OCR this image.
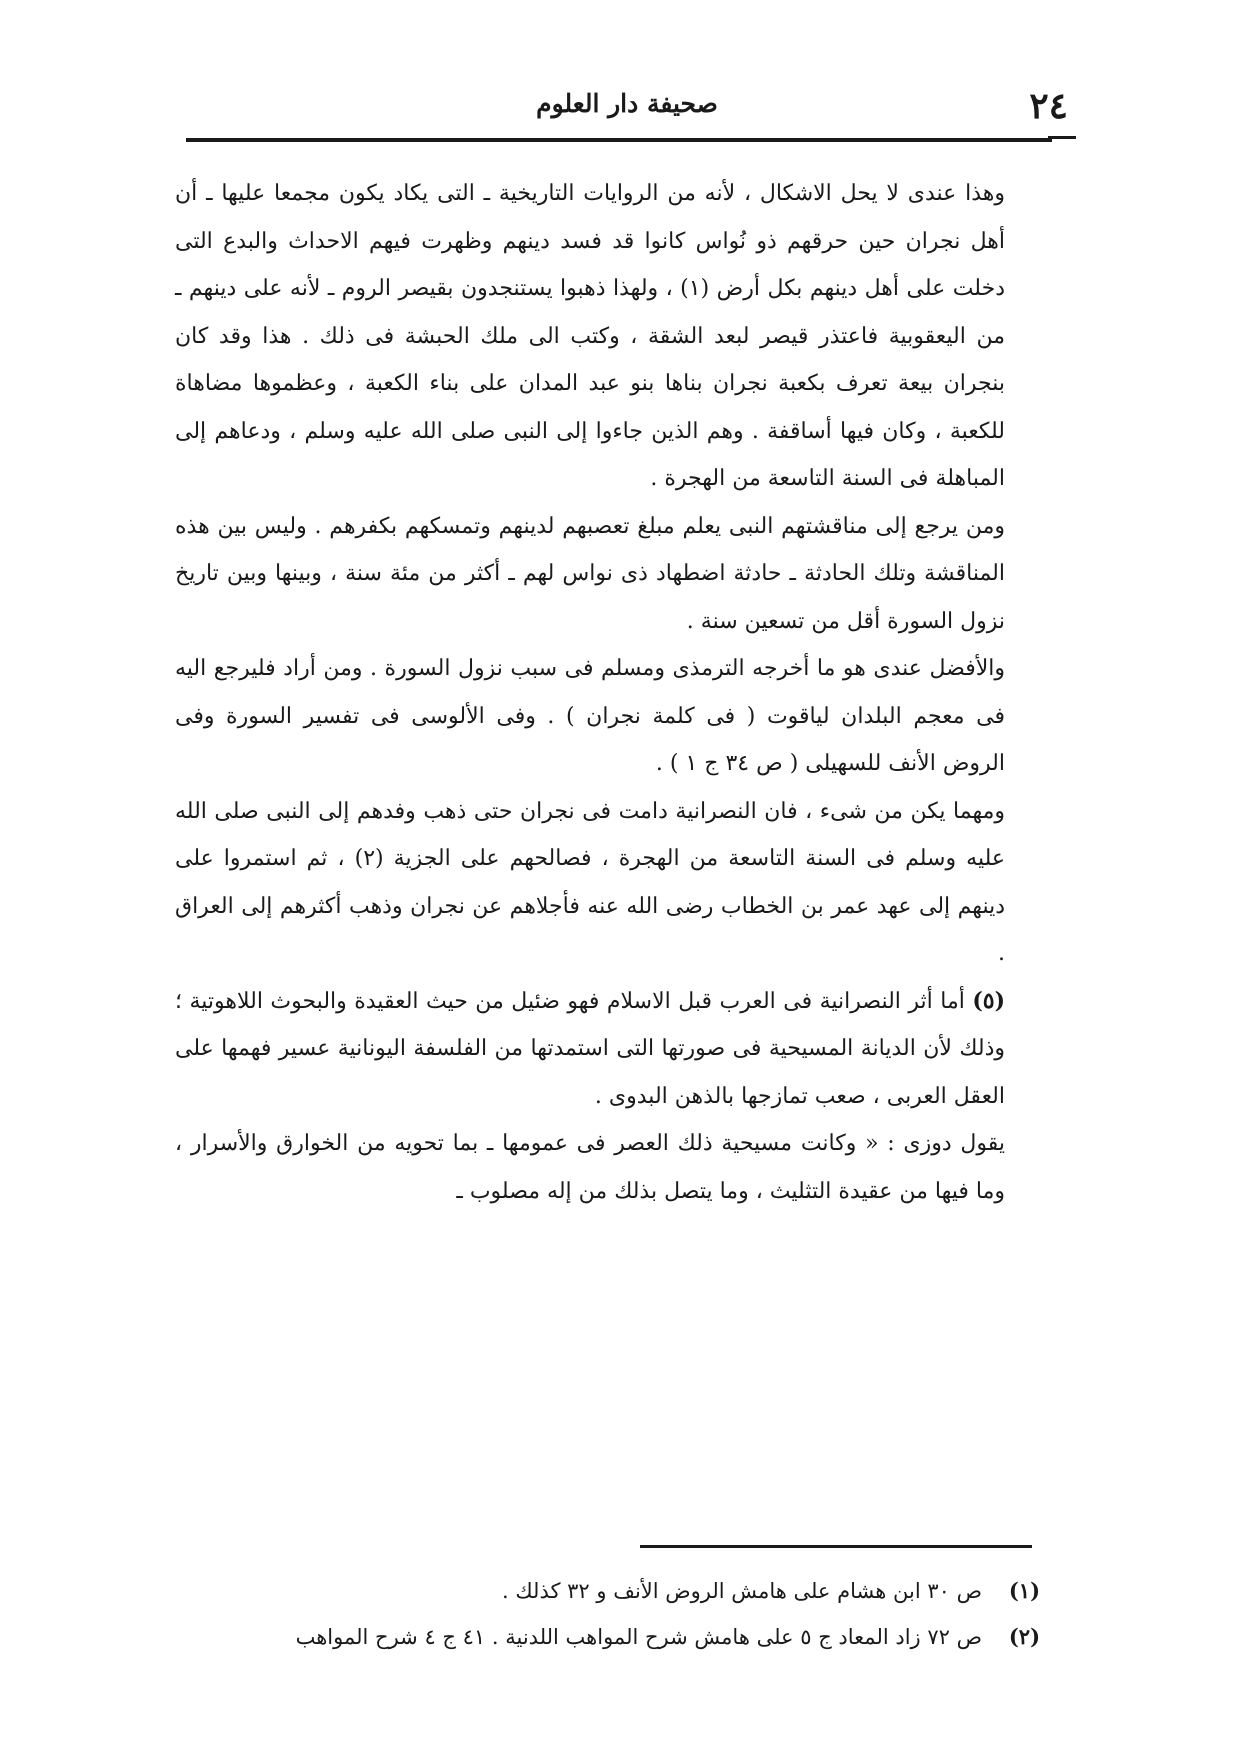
٢٤
صحيفة دار العلوم

وهذا عندى لا يحل الاشكال ، لأنه من الروايات التاريخية ـ التى يكاد يكون مجمعا عليها ـ أن أهل نجران حين حرقهم ذو نُواس كانوا قد فسد دينهم وظهرت فيهم الاحداث والبدع التى دخلت على أهل دينهم بكل أرض (١) ، ولهذا ذهبوا يستنجدون بقيصر الروم ـ لأنه على دينهم ـ من اليعقوبية فاعتذر قيصر لبعد الشقة ، وكتب الى ملك الحبشة فى ذلك . هذا وقد كان بنجران بيعة تعرف بكعبة نجران بناها بنو عبد المدان على بناء الكعبة ، وعظموها مضاهاة للكعبة ، وكان فيها أساقفة . وهم الذين جاءوا إلى النبى صلى الله عليه وسلم ، ودعاهم إلى المباهلة فى السنة التاسعة من الهجرة .

ومن يرجع إلى مناقشتهم النبى يعلم مبلغ تعصبهم لدينهم وتمسكهم بكفرهم . وليس بين هذه المناقشة وتلك الحادثة ـ حادثة اضطهاد ذى نواس لهم ـ أكثر من مئة سنة ، وبينها وبين تاريخ نزول السورة أقل من تسعين سنة .

والأفضل عندى هو ما أخرجه الترمذى ومسلم فى سبب نزول السورة . ومن أراد فليرجع اليه فى معجم البلدان لياقوت ( فى كلمة نجران ) . وفى الألوسى فى تفسير السورة وفى الروض الأنف للسهيلى ( ص ٣٤ ج ١ ) .

ومهما يكن من شىء ، فان النصرانية دامت فى نجران حتى ذهب وفدهم إلى النبى صلى الله عليه وسلم فى السنة التاسعة من الهجرة ، فصالحهم على الجزية (٢) ، ثم استمروا على دينهم إلى عهد عمر بن الخطاب رضى الله عنه فأجلاهم عن نجران وذهب أكثرهم إلى العراق .

(٥) أما أثر النصرانية فى العرب قبل الاسلام فهو ضئيل من حيث العقيدة والبحوث اللاهوتية ؛ وذلك لأن الديانة المسيحية فى صورتها التى استمدتها من الفلسفة اليونانية عسير فهمها على العقل العربى ، صعب تمازجها بالذهن البدوى .

يقول دوزى : « وكانت مسيحية ذلك العصر فى عمومها ـ بما تحويه من الخوارق والأسرار ، وما فيها من عقيدة التثليث ، وما يتصل بذلك من إله مصلوب ـ

(١)
ص ٣٠ ابن هشام على هامش الروض الأنف و ٣٢ كذلك .
(٢)
ص ٧٢ زاد المعاد ج ٥ على هامش شرح المواهب اللدنية . ٤١ ج ٤ شرح المواهب
